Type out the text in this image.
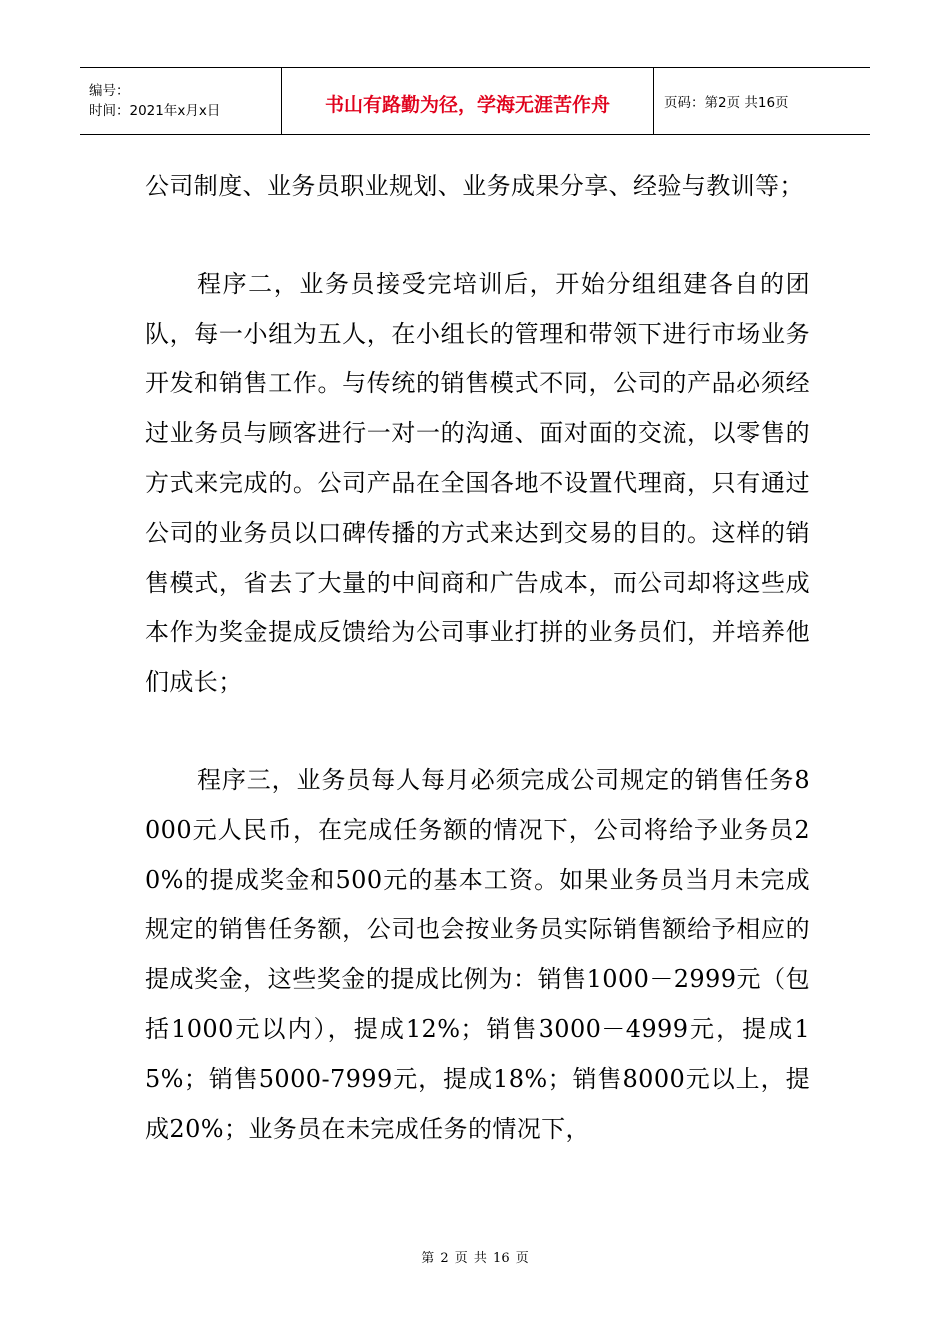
编号：
时间：2021年x月x日	书山有路勤为径，学海无涯苦作舟	页码：第2页 共16页

公司制度、业务员职业规划、业务成果分享、经验与教训等；

程序二，业务员接受完培训后，开始分组组建各自的团队，每一小组为五人，在小组长的管理和带领下进行市场业务开发和销售工作。与传统的销售模式不同，公司的产品必须经过业务员与顾客进行一对一的沟通、面对面的交流，以零售的方式来完成的。公司产品在全国各地不设置代理商，只有通过公司的业务员以口碑传播的方式来达到交易的目的。这样的销售模式，省去了大量的中间商和广告成本，而公司却将这些成本作为奖金提成反馈给为公司事业打拼的业务员们，并培养他们成长；

程序三，业务员每人每月必须完成公司规定的销售任务8000元人民币，在完成任务额的情况下，公司将给予业务员20%的提成奖金和500元的基本工资。如果业务员当月未完成规定的销售任务额，公司也会按业务员实际销售额给予相应的提成奖金，这些奖金的提成比例为：销售1000－2999元（包括1000元以内），提成12%；销售3000－4999元，提成15%；销售5000-7999元，提成18%；销售8000元以上，提成20%；业务员在未完成任务的情况下，

第 2 页 共 16 页
